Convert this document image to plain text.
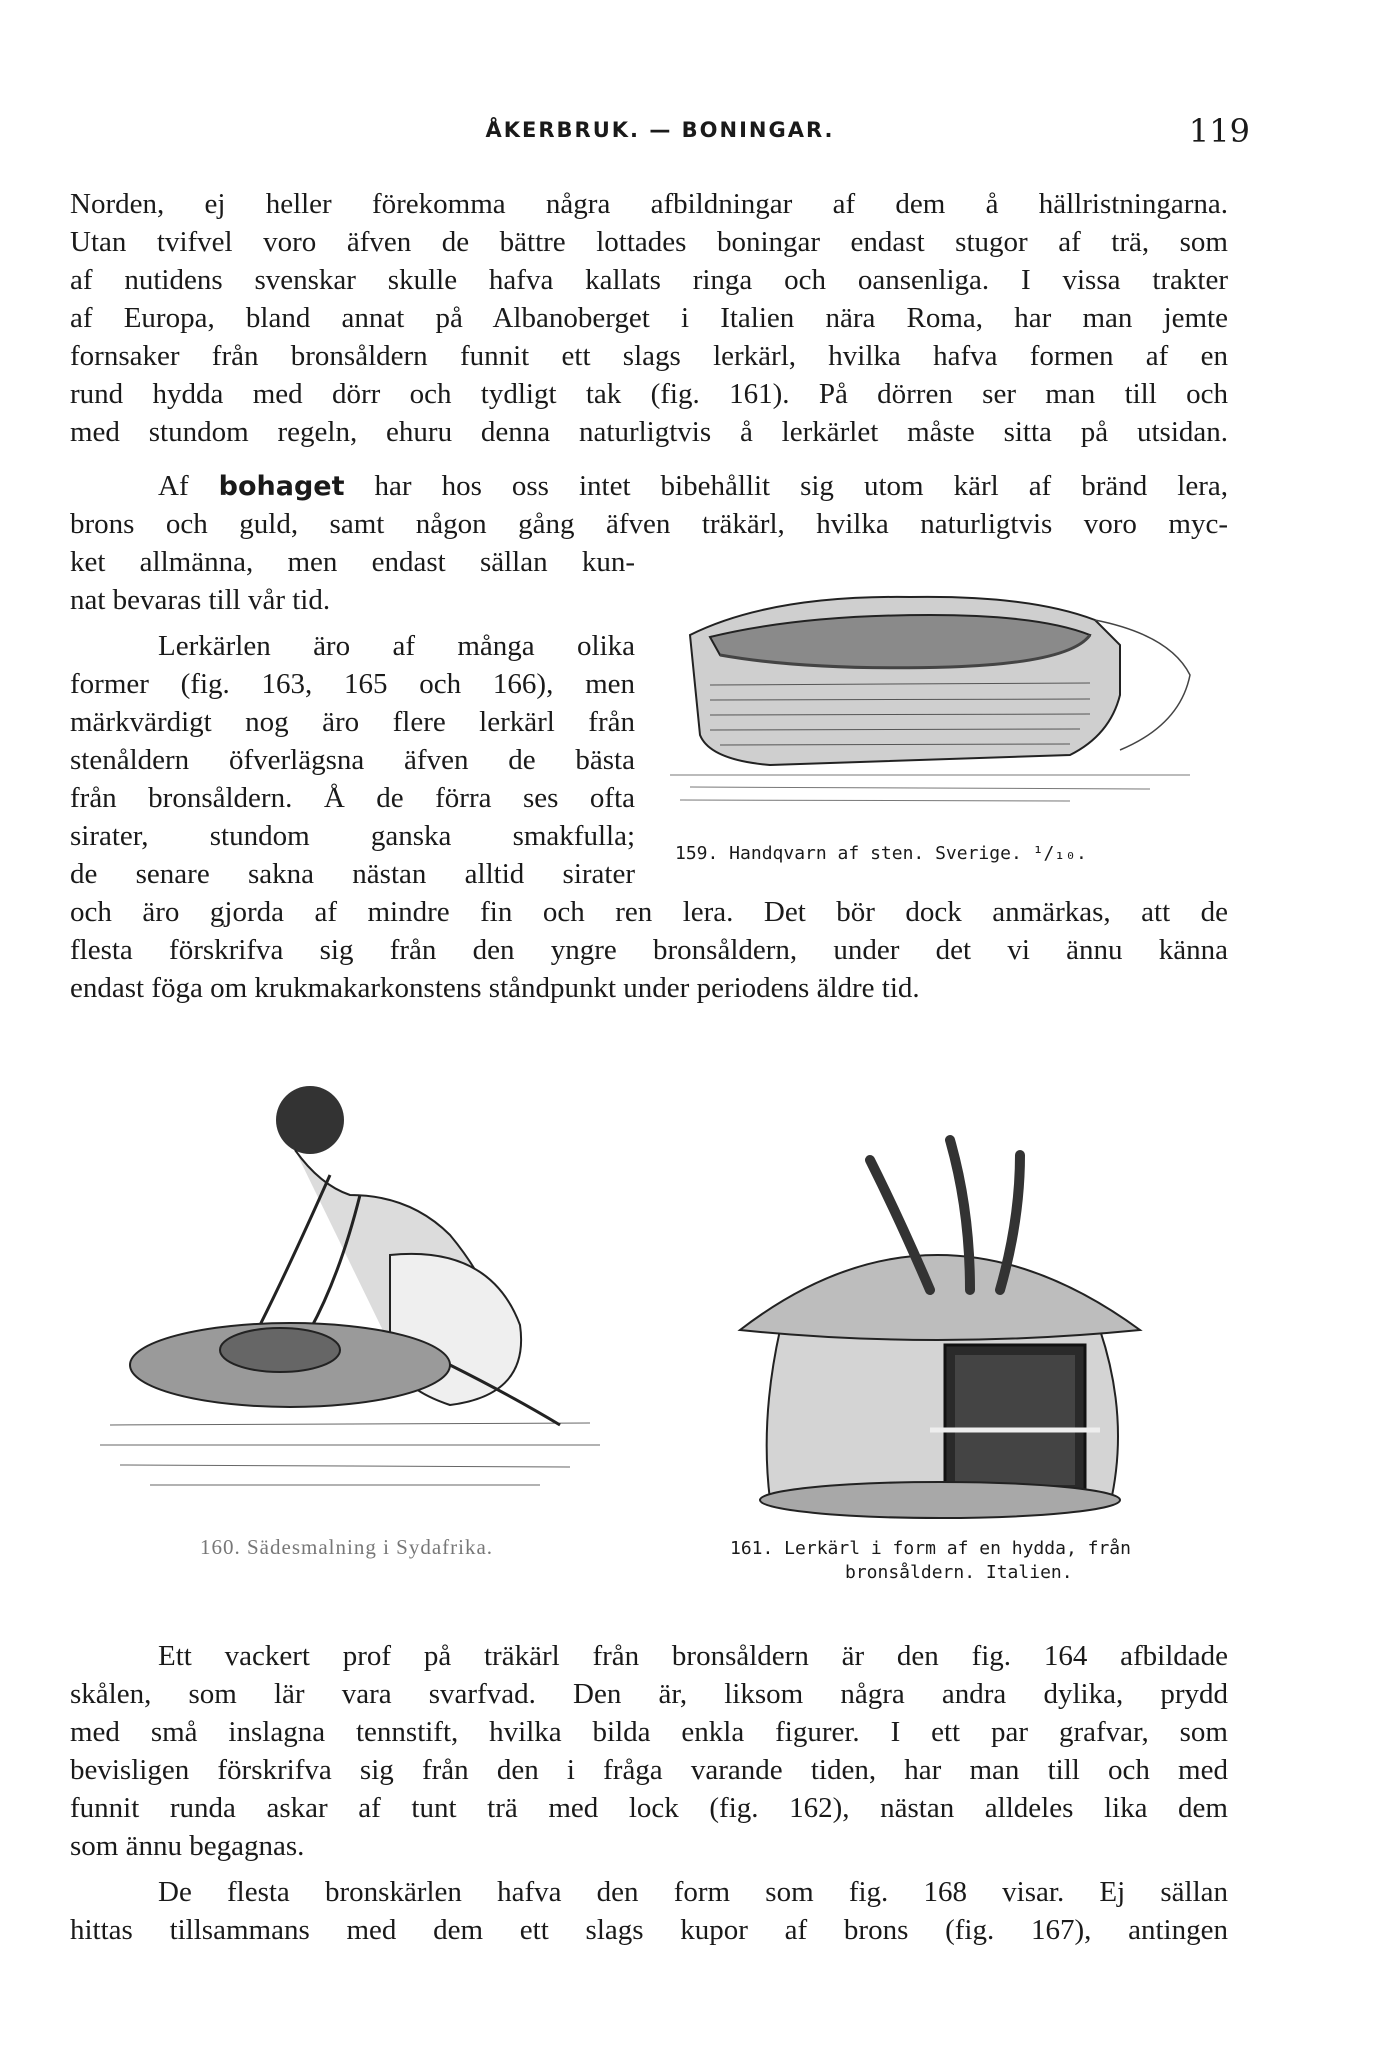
ÅKERBRUK. — BONINGAR.	119
Norden, ej heller förekomma några afbildningar af dem å hällristningarna.
Utan tvifvel voro äfven de bättre lottades boningar endast stugor af trä, som
af nutidens svenskar skulle hafva kallats ringa och oansenliga. I vissa trakter
af Europa, bland annat på Albanoberget i Italien nära Roma, har man jemte
fornsaker från bronsåldern funnit ett slags lerkärl, hvilka hafva formen af en
rund hydda med dörr och tydligt tak (fig. 161). På dörren ser man till och
med stundom regeln, ehuru denna naturligtvis å lerkärlet måste sitta på utsidan.
Af bohaget har hos oss intet bibehållit sig utom kärl af bränd lera,
brons och guld, samt någon gång äfven träkärl, hvilka naturligtvis voro myc-
ket allmänna, men endast sällan kun-
nat bevaras till vår tid.
Lerkärlen äro af många olika
former (fig. 163, 165 och 166), men
märkvärdigt nog äro flere lerkärl från
stenåldern öfverlägsna äfven de bästa
från bronsåldern. Å de förra ses ofta
sirater, stundom ganska smakfulla;
de senare sakna nästan alltid sirater
och äro gjorda af mindre fin och ren lera. Det bör dock anmärkas, att de
flesta förskrifva sig från den yngre bronsåldern, under det vi ännu känna
endast föga om krukmakarkonstens ståndpunkt under periodens äldre tid.
159. Handqvarn af sten. Sverige. ¹/₁₀.
160. Sädesmalning i Sydafrika.	161. Lerkärl i form af en hydda, från
bronsåldern. Italien.
Ett vackert prof på träkärl från bronsåldern är den fig. 164 afbildade
skålen, som lär vara svarfvad. Den är, liksom några andra dylika, prydd
med små inslagna tennstift, hvilka bilda enkla figurer. I ett par grafvar, som
bevisligen förskrifva sig från den i fråga varande tiden, har man till och med
funnit runda askar af tunt trä med lock (fig. 162), nästan alldeles lika dem
som ännu begagnas.
De flesta bronskärlen hafva den form som fig. 168 visar. Ej sällan
hittas tillsammans med dem ett slags kupor af brons (fig. 167), antingen
